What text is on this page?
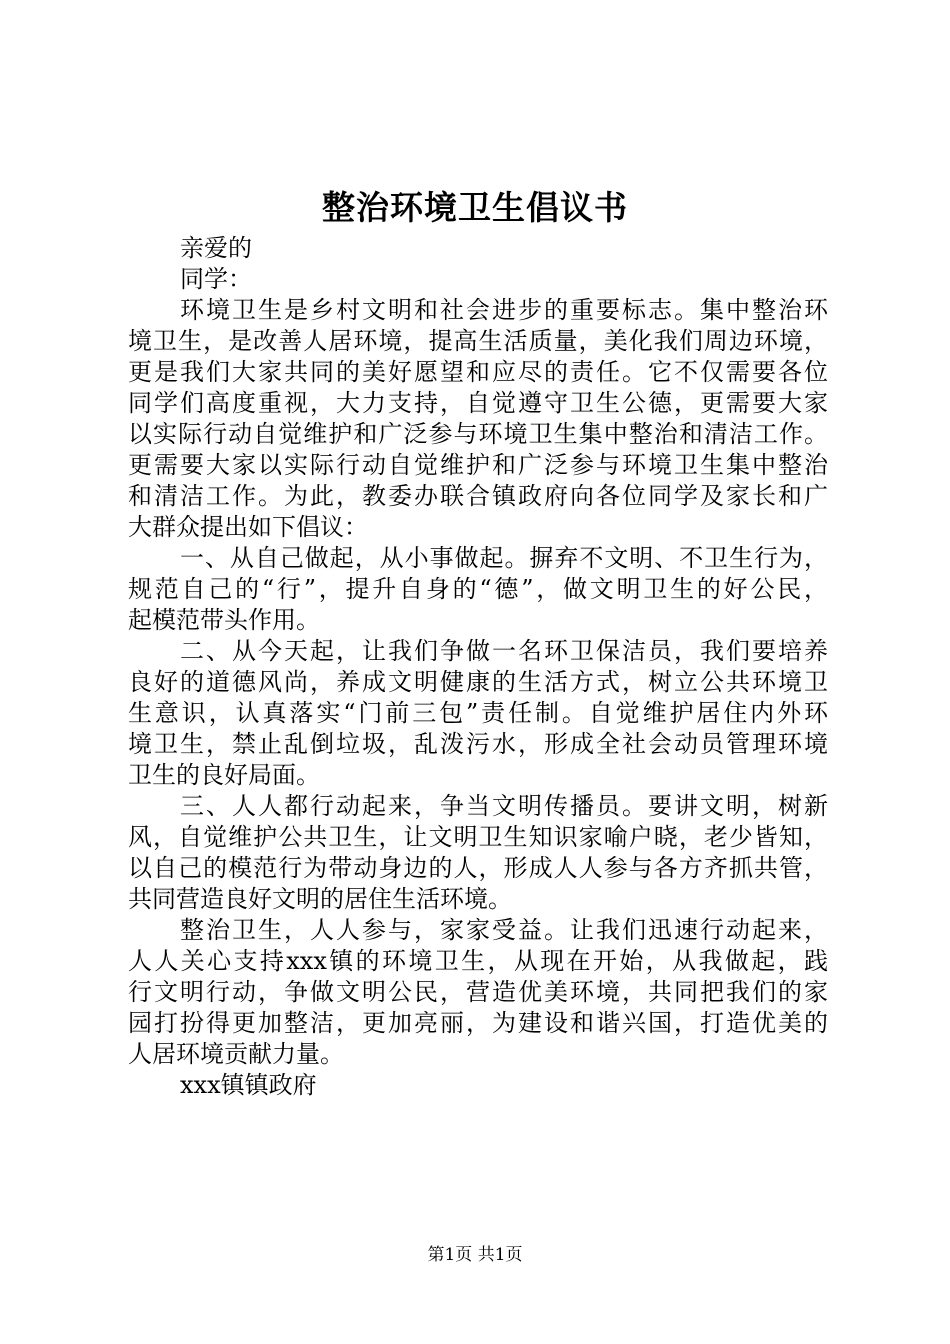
整治环境卫生倡议书
亲爱的
同学：
环境卫生是乡村文明和社会进步的重要标志。集中整治环
境卫生，是改善人居环境，提高生活质量，美化我们周边环境，
更是我们大家共同的美好愿望和应尽的责任。它不仅需要各位
同学们高度重视，大力支持，自觉遵守卫生公德，更需要大家
以实际行动自觉维护和广泛参与环境卫生集中整治和清洁工作。
更需要大家以实际行动自觉维护和广泛参与环境卫生集中整治
和清洁工作。为此，教委办联合镇政府向各位同学及家长和广
大群众提出如下倡议：
一、从自己做起，从小事做起。摒弃不文明、不卫生行为，
规范自己的“行”，提升自身的“德”，做文明卫生的好公民，
起模范带头作用。
二、从今天起，让我们争做一名环卫保洁员，我们要培养
良好的道德风尚，养成文明健康的生活方式，树立公共环境卫
生意识，认真落实“门前三包”责任制。自觉维护居住内外环
境卫生，禁止乱倒垃圾，乱泼污水，形成全社会动员管理环境
卫生的良好局面。
三、人人都行动起来，争当文明传播员。要讲文明，树新
风，自觉维护公共卫生，让文明卫生知识家喻户晓，老少皆知，
以自己的模范行为带动身边的人，形成人人参与各方齐抓共管，
共同营造良好文明的居住生活环境。
整治卫生，人人参与，家家受益。让我们迅速行动起来，
人人关心支持xxx镇的环境卫生，从现在开始，从我做起，践
行文明行动，争做文明公民，营造优美环境，共同把我们的家
园打扮得更加整洁，更加亮丽，为建设和谐兴国，打造优美的
人居环境贡献力量。
xxx镇镇政府
第1页 共1页
